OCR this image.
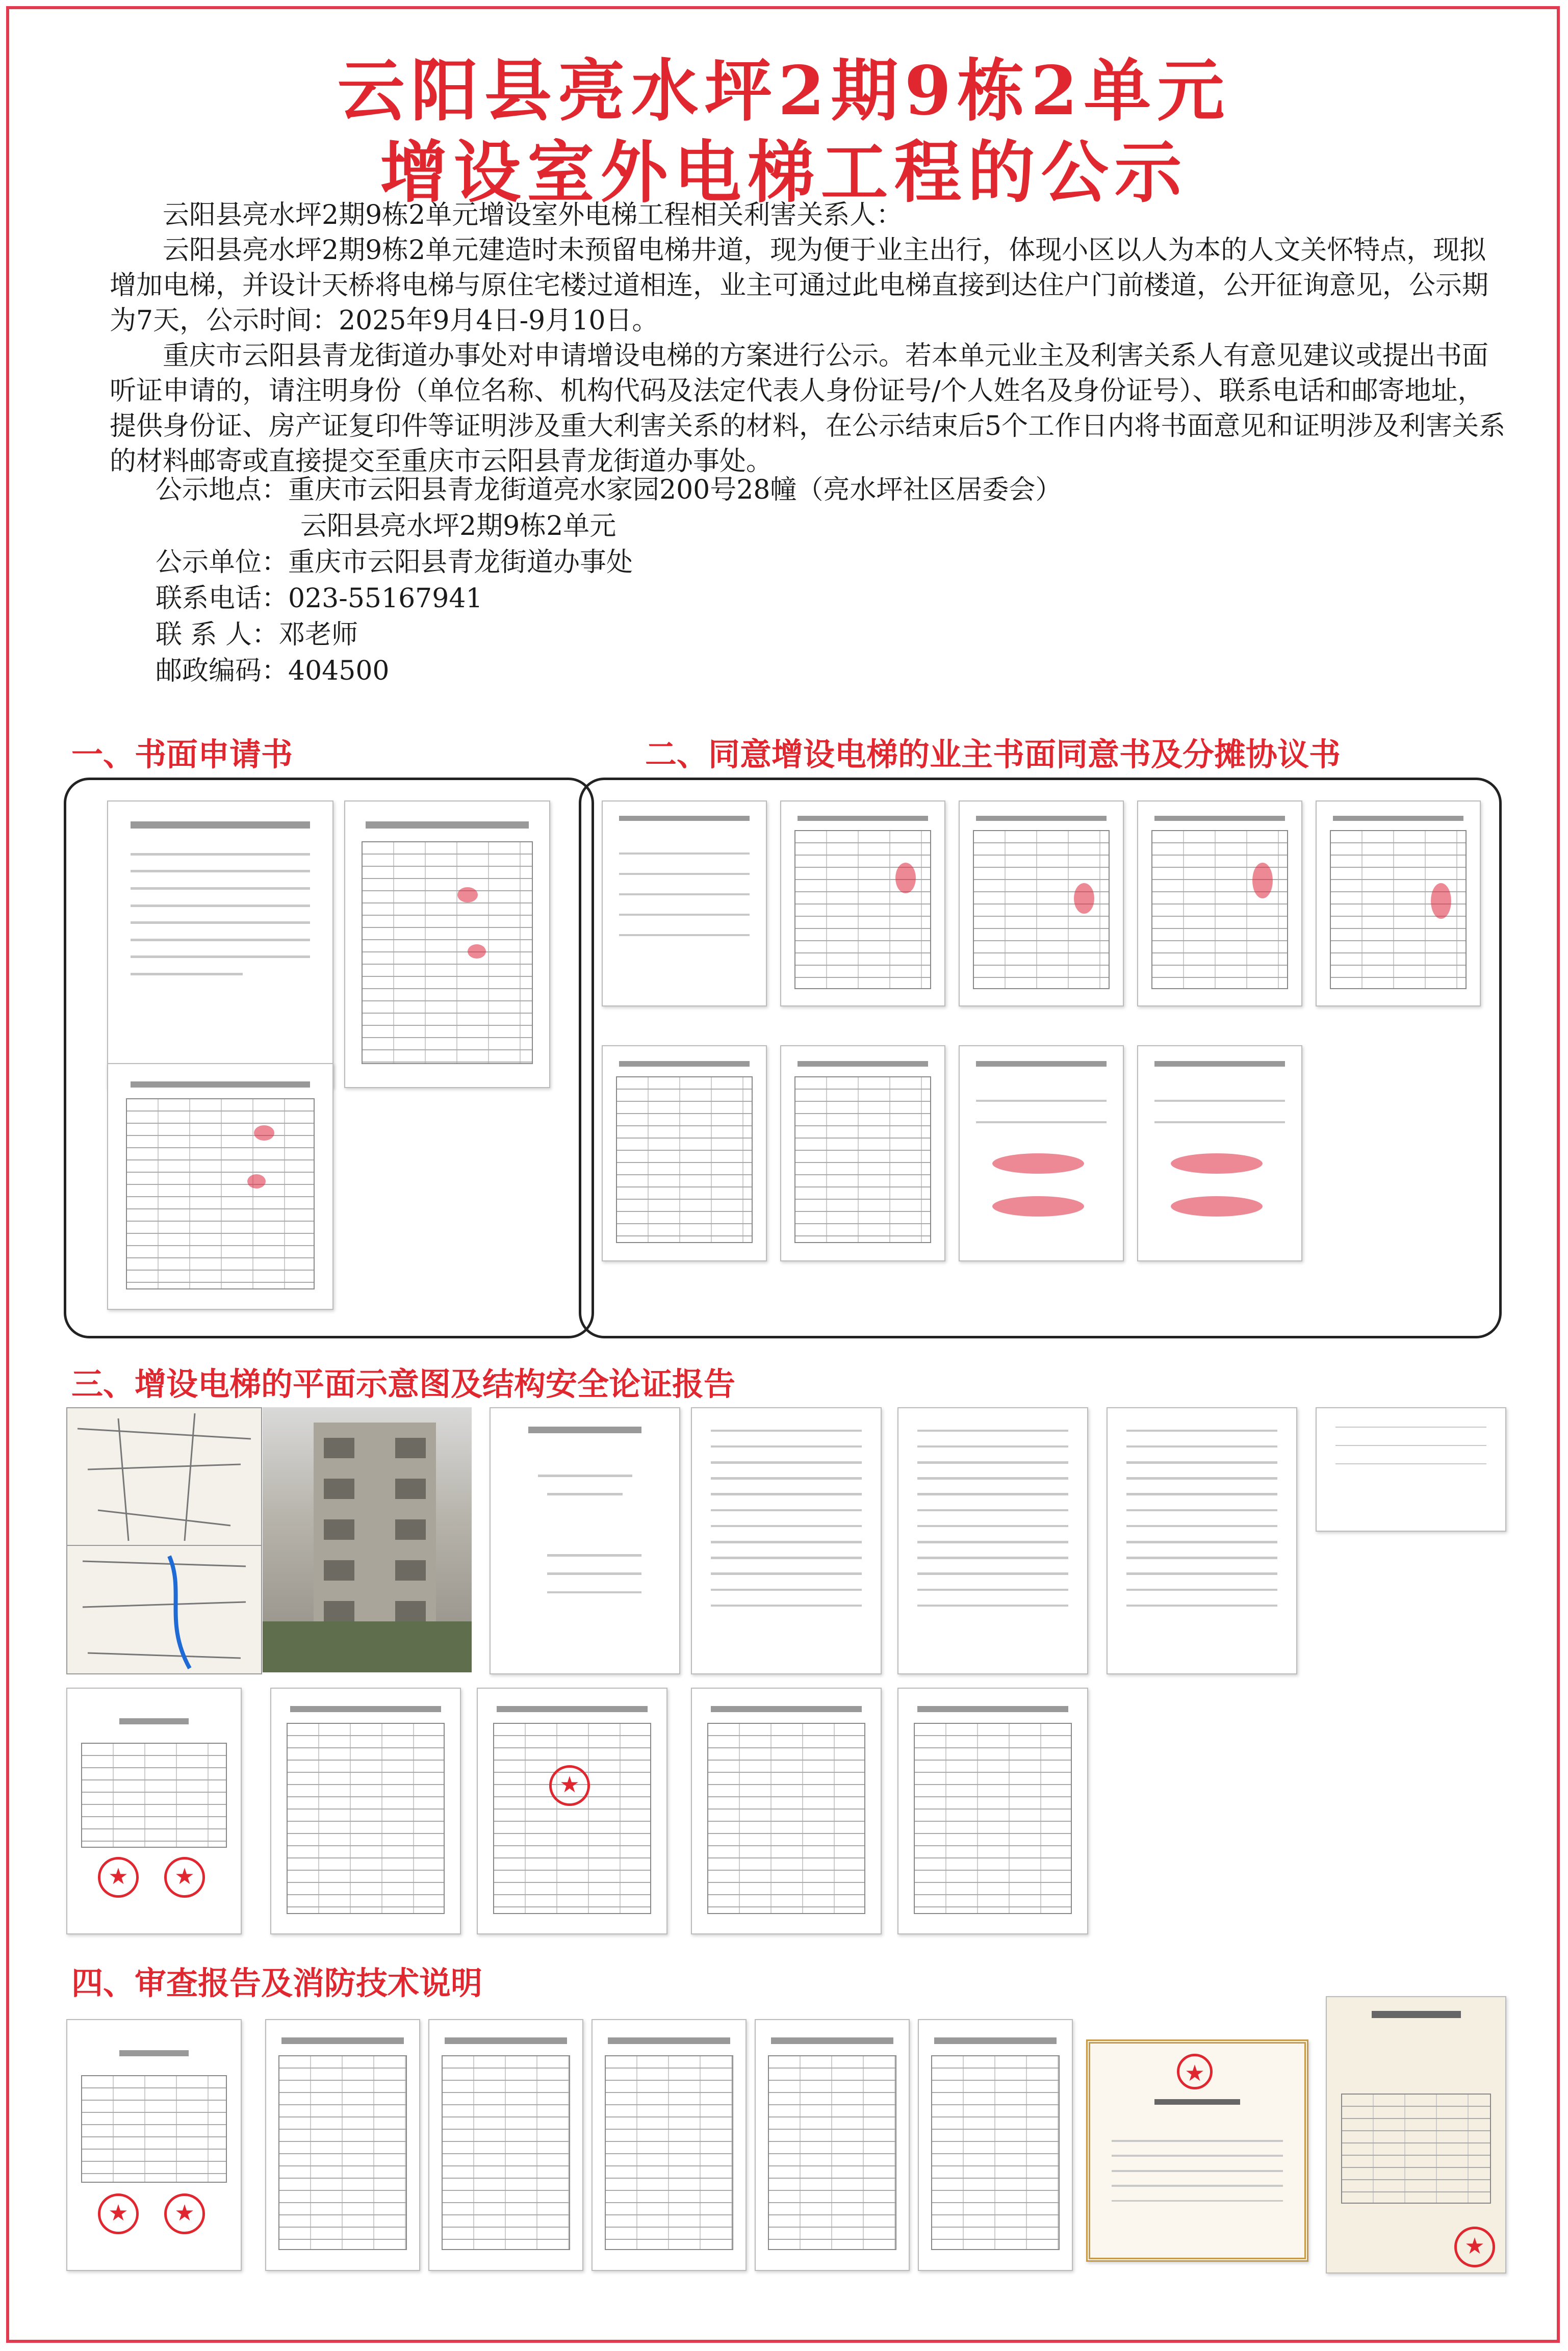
云阳县亮水坪2期9栋2单元
增设室外电梯工程的公示

云阳县亮水坪2期9栋2单元增设室外电梯工程相关利害关系人：

云阳县亮水坪2期9栋2单元建造时未预留电梯井道，现为便于业主出行，体现小区以人为本的人文关怀特点，现拟增加电梯，并设计天桥将电梯与原住宅楼过道相连，业主可通过此电梯直接到达住户门前楼道，公开征询意见，公示期为7天，公示时间：2025年9月4日-9月10日。

重庆市云阳县青龙街道办事处对申请增设电梯的方案进行公示。若本单元业主及利害关系人有意见建议或提出书面听证申请的，请注明身份（单位名称、机构代码及法定代表人身份证号/个人姓名及身份证号）、联系电话和邮寄地址，提供身份证、房产证复印件等证明涉及重大利害关系的材料，在公示结束后5个工作日内将书面意见和证明涉及利害关系的材料邮寄或直接提交至重庆市云阳县青龙街道办事处。

公示地点：重庆市云阳县青龙街道亮水家园200号28幢（亮水坪社区居委会）
云阳县亮水坪2期9栋2单元
公示单位：重庆市云阳县青龙街道办事处
联系电话：023-55167941
联 系 人：邓老师
邮政编码：404500
一、书面申请书	二、同意增设电梯的业主书面同意书及分摊协议书
三、增设电梯的平面示意图及结构安全论证报告
★
★
★
四、审查报告及消防技术说明
★
★
★
★
